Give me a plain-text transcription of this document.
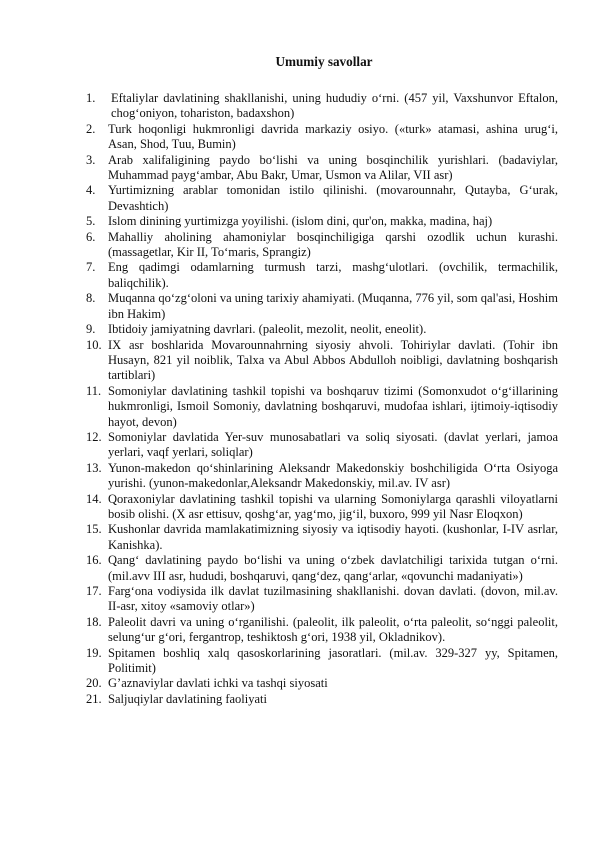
Umumiy savollar
1.	Eftaliylar davlatining shakllanishi, uning hududiy o‘rni. (457 yil, Vaxshunvor Eftalon, chog‘oniyon, toharistоn, badaxshon)
2.	Turk hoqonligi hukmronligi davrida markaziy osiyo. («turk» atamasi, ashina urug‘i, Asan, Shod, Tuu, Bumin)
3.	Arab xalifaligining paydo bo‘lishi va uning bosqinchilik yurishlari. (badaviylar, Muhammad payg‘ambar, Abu Bakr, Umar, Usmon va Alilar, VII asr)
4.	Yurtimizning arablar tomonidan istilo qilinishi. (movarounnahr, Qutayba, G‘urak, Devashtich)
5.	Islom dinining yurtimizga yoyilishi. (islom dini, qur'on, makka, madina, haj)
6.	Mahalliy aholining ahamoniylar bosqinchiligiga qarshi ozodlik uchun kurashi. (massagetlar, Kir II, To‘maris, Sprangiz)
7.	Eng qadimgi odamlarning turmush tarzi, mashg‘ulotlari. (ovchilik, termachilik, baliqchilik).
8.	Muqanna qo‘zg‘oloni va uning tarixiy ahamiyati. (Muqanna, 776 yil, som qal'asi, Hoshim ibn Hakim)
9.	Ibtidoiy jamiyatning davrlari. (paleolit, mezolit, neolit, eneolit).
10. IX asr boshlarida Movarounnahrning siyosiy ahvoli. Tohiriylar davlati. (Tohir ibn Husayn, 821 yil noiblik, Talxa va Abul Abbos Abdulloh noibligi, davlatning boshqarish tartiblari)
11. Somoniylar davlatining tashkil topishi va boshqaruv tizimi (Somonxudot o‘g‘illarining hukmronligi, Ismoil Somoniy, davlatning boshqaruvi, mudofaa ishlari, ijtimoiy-iqtisodiy hayot, devon)
12. Somoniylar davlatida Yer-suv munosabatlari va soliq siyosati. (davlat yerlari, jamoa yerlari, vaqf yerlari, soliqlar)
13. Yunon-makedon qo‘shinlarining Aleksandr Makedonskiy boshchiligida O‘rta Osiyoga yurishi. (yunon-makedonlar,Aleksandr Makedonskiy, mil.av. IV asr)
14. Qoraxoniylar davlatining tashkil topishi va ularning Somoniylarga qarashli viloyatlarni bosib olishi. (X asr ettisuv, qoshg‘ar, yag‘mo, jig‘il, buxoro, 999 yil Nasr Eloqxon)
15. Kushonlar davrida mamlakatimizning siyosiy va iqtisodiy hayoti. (kushonlar, I-IV asrlar, Kanishka).
16. Qang‘ davlatining paydo bo‘lishi va uning o‘zbek davlatchiligi tarixida tutgan o‘rni. (mil.avv III asr, hududi, boshqaruvi, qang‘dez, qang‘arlar, «qovunchi madaniyati»)
17. Farg‘ona vodiysida ilk davlat tuzilmasining shakllanishi. dovan davlati. (dovon, mil.av. II-asr, xitoy «samoviy otlar»)
18. Paleolit davri va uning o‘rganilishi. (paleolit, ilk paleolit, o‘rta paleolit, so‘nggi paleolit, selung‘ur g‘ori, fergantrop, teshiktosh g‘ori, 1938 yil, Okladnikov).
19. Spitamen boshliq xalq qasoskorlarining jasoratlari. (mil.av. 329-327 yy, Spitamen, Politimit)
20. G’aznaviylar davlati ichki va tashqi siyosati
21. Saljuqiylar davlatining faoliyati
